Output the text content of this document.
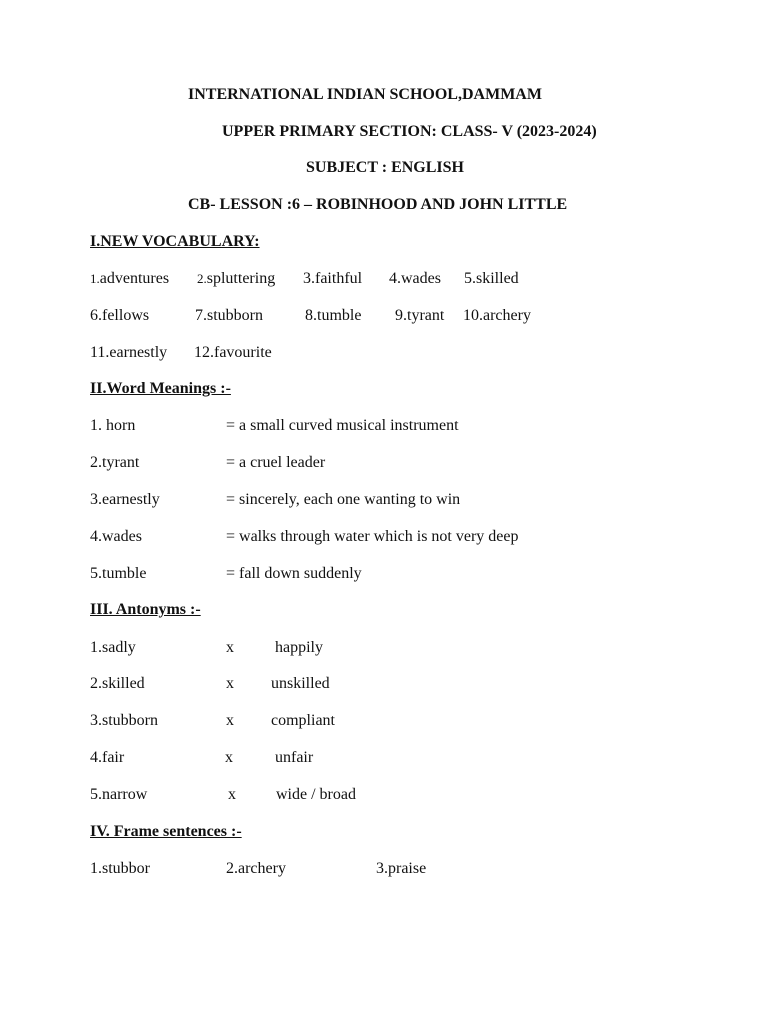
INTERNATIONAL INDIAN SCHOOL,DAMMAM
UPPER PRIMARY SECTION: CLASS- V (2023-2024)
SUBJECT : ENGLISH
CB- LESSON :6 – ROBINHOOD AND JOHN LITTLE
I.NEW VOCABULARY:
1.adventures 2.spluttering 3.faithful 4.wades 5.skilled
6.fellows	7.stubborn	8.tumble 9.tyrant 10.archery
11.earnestly 12.favourite
II.Word Meanings :-
1. horn	= a small curved musical instrument
2.tyrant	= a cruel leader
3.earnestly	= sincerely, each one wanting to win
4.wades	= walks through water which is not very deep
5.tumble	= fall down suddenly
III. Antonyms :-
1.sadly	x	happily
2.skilled	x unskilled
3.stubborn	x compliant
4.fair	x	unfair
5.narrow	x	wide / broad
IV. Frame sentences :-
1.stubbor	2.archery	3.praise
